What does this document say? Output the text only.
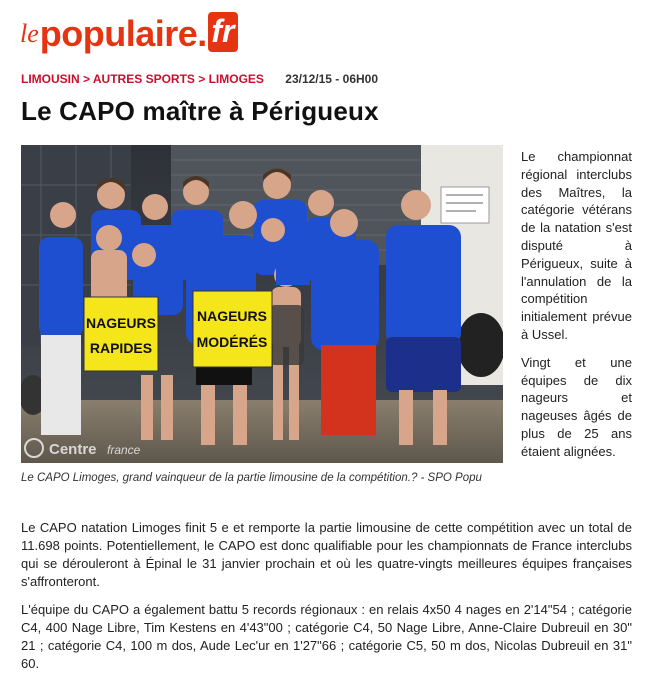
le populaire . fr
LIMOUSIN > AUTRES SPORTS > LIMOGES 23/12/15 - 06H00
Le CAPO maître à Périgueux
NAGEURS
RAPIDES
NAGEURS
MODÉRÉS
Centre france
Le CAPO Limoges, grand vainqueur de la partie limousine de la compétition.? - SPO Popu

Le championnat régional interclubs des Maîtres, la catégorie vétérans de la natation s'est disputé à Périgueux, suite à l'annulation de la compétition initialement prévue à Ussel.

Vingt et une équipes de dix nageurs et nageuses âgés de plus de 25 ans étaient alignées.

Le CAPO natation Limoges finit 5 e et remporte la partie limousine de cette compétition avec un total de 11.698 points. Potentiellement, le CAPO est donc qualifiable pour les championnats de France interclubs qui se dérouleront à Épinal le 31 janvier prochain et où les quatre-vingts meilleures équipes françaises s'affronteront.

L'équipe du CAPO a également battu 5 records régionaux : en relais 4x50 4 nages en 2'14"54 ; catégorie C4, 400 Nage Libre, Tim Kestens en 4'43"00 ; catégorie C4, 50 Nage Libre, Anne-Claire Dubreuil en 30" 21 ; catégorie C4, 100 m dos, Aude Lec'ur en 1'27"66 ; catégorie C5, 50 m dos, Nicolas Dubreuil en 31" 60.
